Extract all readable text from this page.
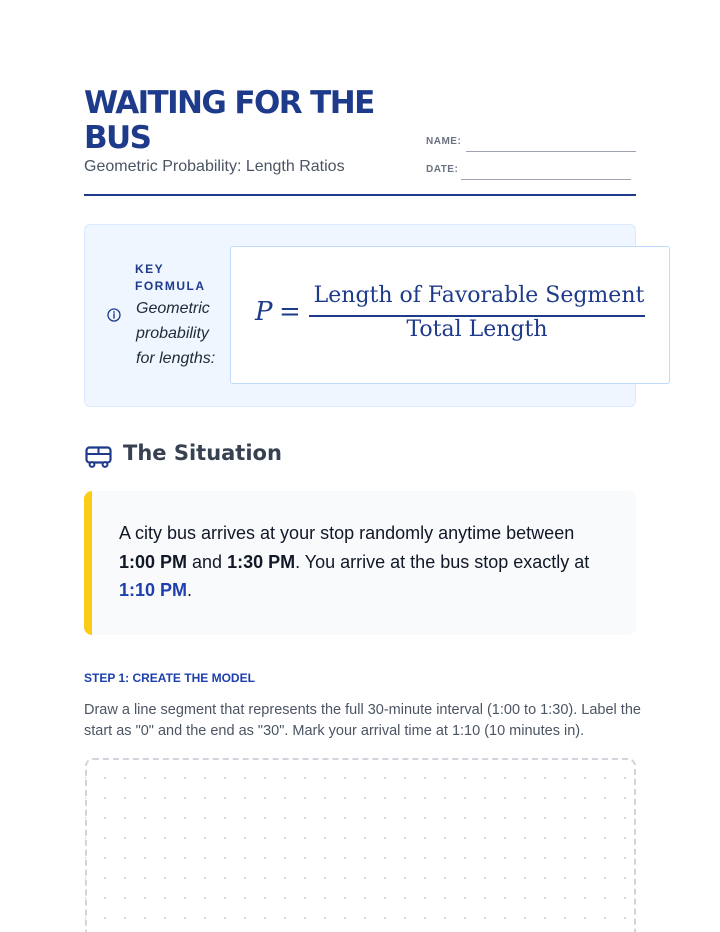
WAITING FOR THE BUS
Geometric Probability: Length Ratios
NAME:
DATE:
KEY FORMULA
Geometric probability for lengths:
P =
Length of Favorable Segment
Total Length
The Situation

A city bus arrives at your stop randomly anytime between 1:00 PM and 1:30 PM. You arrive at the bus stop exactly at 1:10 PM.

STEP 1: CREATE THE MODEL

Draw a line segment that represents the full 30-minute interval (1:00 to 1:30). Label the start as "0" and the end as "30". Mark your arrival time at 1:10 (10 minutes in).
